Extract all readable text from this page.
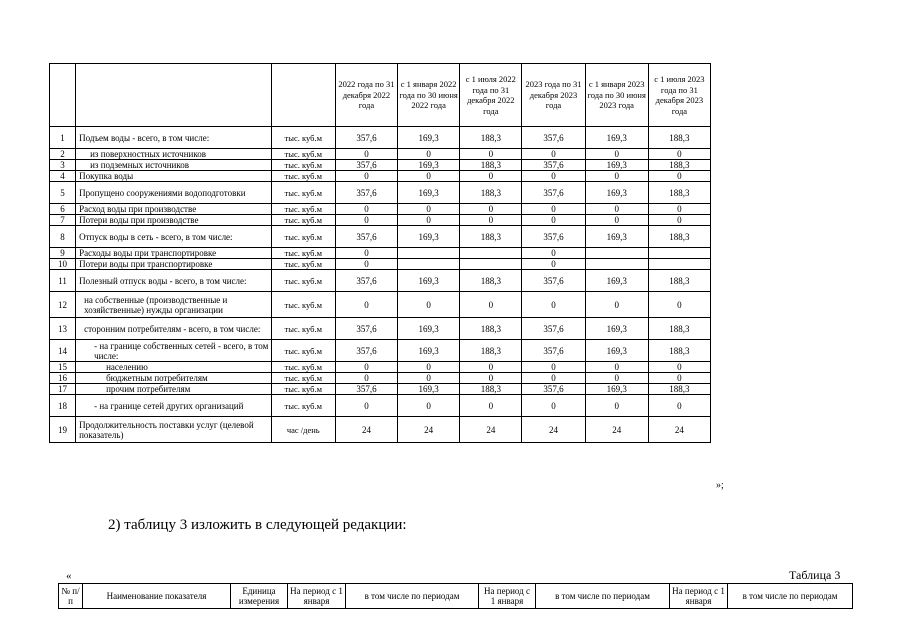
			2022 года по 31 декабря 2022 года	с 1 января 2022 года по 30 июня 2022 года	с 1 июля 2022 года по 31 декабря 2022 года	2023 года по 31 декабря 2023 года	с 1 января 2023 года по 30 июня 2023 года	с 1 июля 2023 года по 31 декабря 2023 года
1	Подъем воды - всего, в том числе:	тыс. куб.м	357,6	169,3	188,3	357,6	169,3	188,3
2	из поверхностных источников	тыс. куб.м	0	0	0	0	0	0
3	из подземных источников	тыс. куб.м	357,6	169,3	188,3	357,6	169,3	188,3
4	Покупка воды	тыс. куб.м	0	0	0	0	0	0
5	Пропущено сооружениями водоподготовки	тыс. куб.м	357,6	169,3	188,3	357,6	169,3	188,3
6	Расход воды при производстве	тыс. куб.м	0	0	0	0	0	0
7	Потери воды при производстве	тыс. куб.м	0	0	0	0	0	0
8	Отпуск воды в сеть - всего, в том числе:	тыс. куб.м	357,6	169,3	188,3	357,6	169,3	188,3
9	Расходы воды при транспортировке	тыс. куб.м	0			0		
10	Потери воды при транспортировке	тыс. куб.м	0			0		
11	Полезный отпуск воды - всего, в том числе:	тыс. куб.м	357,6	169,3	188,3	357,6	169,3	188,3
12	на собственные (производственные и хозяйственные) нужды организации	тыс. куб.м	0	0	0	0	0	0
13	сторонним потребителям - всего, в том числе:	тыс. куб.м	357,6	169,3	188,3	357,6	169,3	188,3
14	- на границе собственных сетей - всего, в том числе:	тыс. куб.м	357,6	169,3	188,3	357,6	169,3	188,3
15	населению	тыс. куб.м	0	0	0	0	0	0
16	бюджетным потребителям	тыс. куб.м	0	0	0	0	0	0
17	прочим потребителям	тыс. куб.м	357,6	169,3	188,3	357,6	169,3	188,3
18	- на границе сетей других организаций	тыс. куб.м	0	0	0	0	0	0
19	Продолжительность поставки услуг (целевой показатель)	час /день	24	24	24	24	24	24
»;
2) таблицу 3 изложить в следующей редакции:
«	Таблица 3
№ п/п	Наименование показателя	Единица измерения	На период с 1 января	в том числе по периодам	На период с 1 января	в том числе по периодам	На период с 1 января	в том числе по периодам
